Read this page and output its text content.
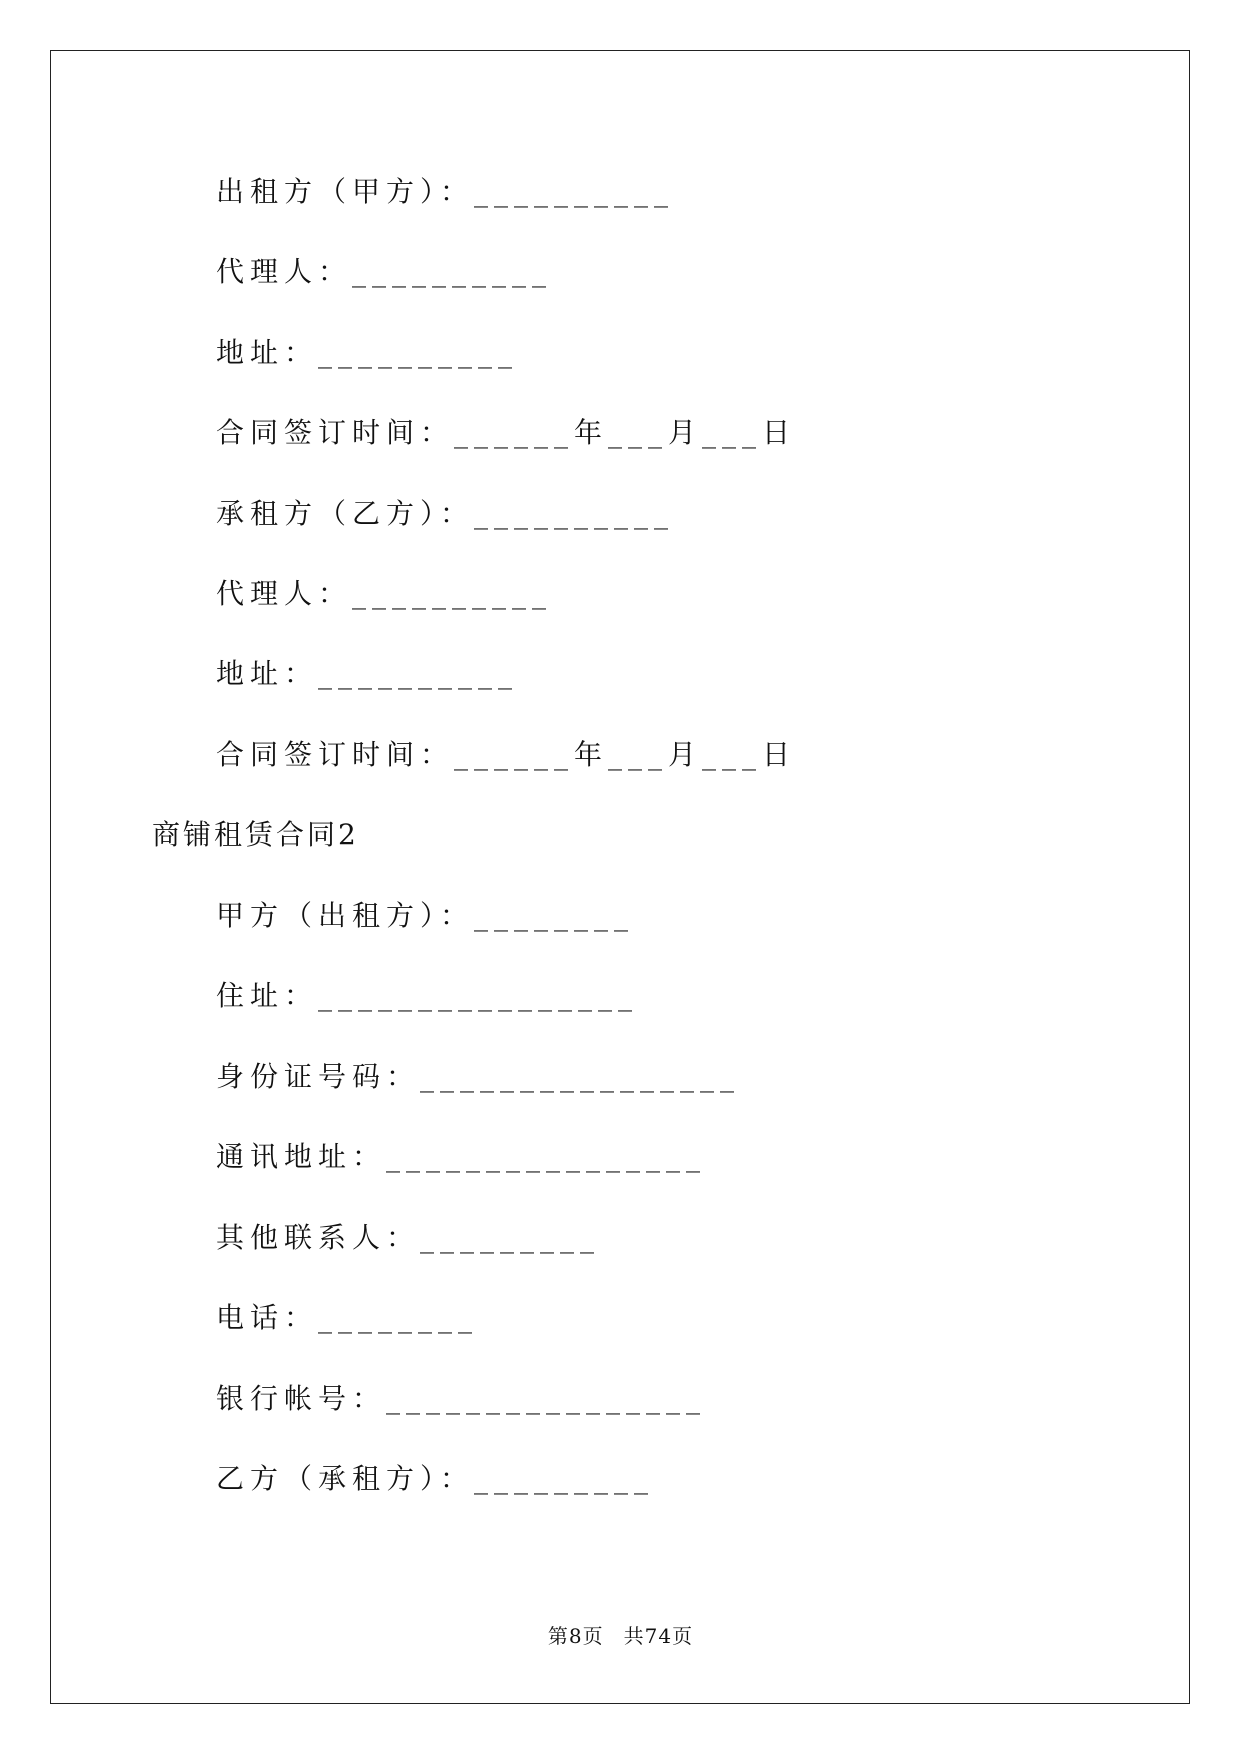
出租方（甲方）：__________
代理人：__________
地址：__________
合同签订时间：______年___月___日
承租方（乙方）：__________
代理人：__________
地址：__________
合同签订时间：______年___月___日
商铺租赁合同2
甲方（出租方）：________
住址：________________
身份证号码：________________
通讯地址：________________
其他联系人：_________
电话：________
银行帐号：________________
乙方（承租方）：_________
第8页 共74页
